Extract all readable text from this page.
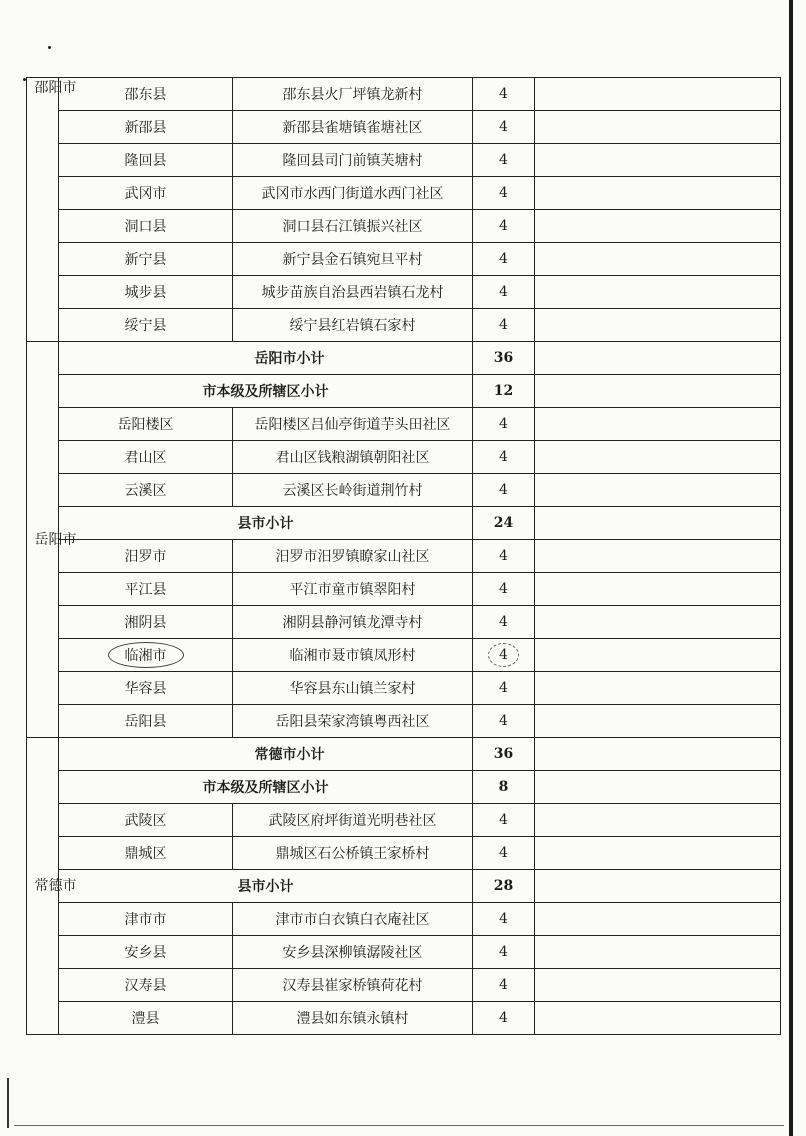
邵阳市	邵东县	邵东县火厂坪镇龙新村	4	
	新邵县	新邵县雀塘镇雀塘社区	4	
	隆回县	隆回县司门前镇芙塘村	4	
	武冈市	武冈市水西门街道水西门社区	4	
	洞口县	洞口县石江镇振兴社区	4	
	新宁县	新宁县金石镇宛旦平村	4	
	城步县	城步苗族自治县西岩镇石龙村	4	
	绥宁县	绥宁县红岩镇石家村	4	

岳阳市	岳阳市小计		36	
	市本级及所辖区小计		12	
	岳阳楼区	岳阳楼区吕仙亭街道芋头田社区	4	
	君山区	君山区钱粮湖镇朝阳社区	4	
	云溪区	云溪区长岭街道荆竹村	4	
	县市小计		24	
	汨罗市	汨罗市汨罗镇瞭家山社区	4	
	平江县	平江市童市镇翠阳村	4	
	湘阴县	湘阴县静河镇龙潭寺村	4	
	临湘市	临湘市聂市镇凤形村	4	
	华容县	华容县东山镇兰家村	4	
	岳阳县	岳阳县荣家湾镇粤西社区	4	

常德市	常德市小计		36	
	市本级及所辖区小计		8	
	武陵区	武陵区府坪街道光明巷社区	4	
	鼎城区	鼎城区石公桥镇王家桥村	4	
	县市小计		28	
	津市市	津市市白衣镇白衣庵社区	4	
	安乡县	安乡县深柳镇潺陵社区	4	
	汉寿县	汉寿县崔家桥镇荷花村	4	
	澧县	澧县如东镇永镇村	4	
